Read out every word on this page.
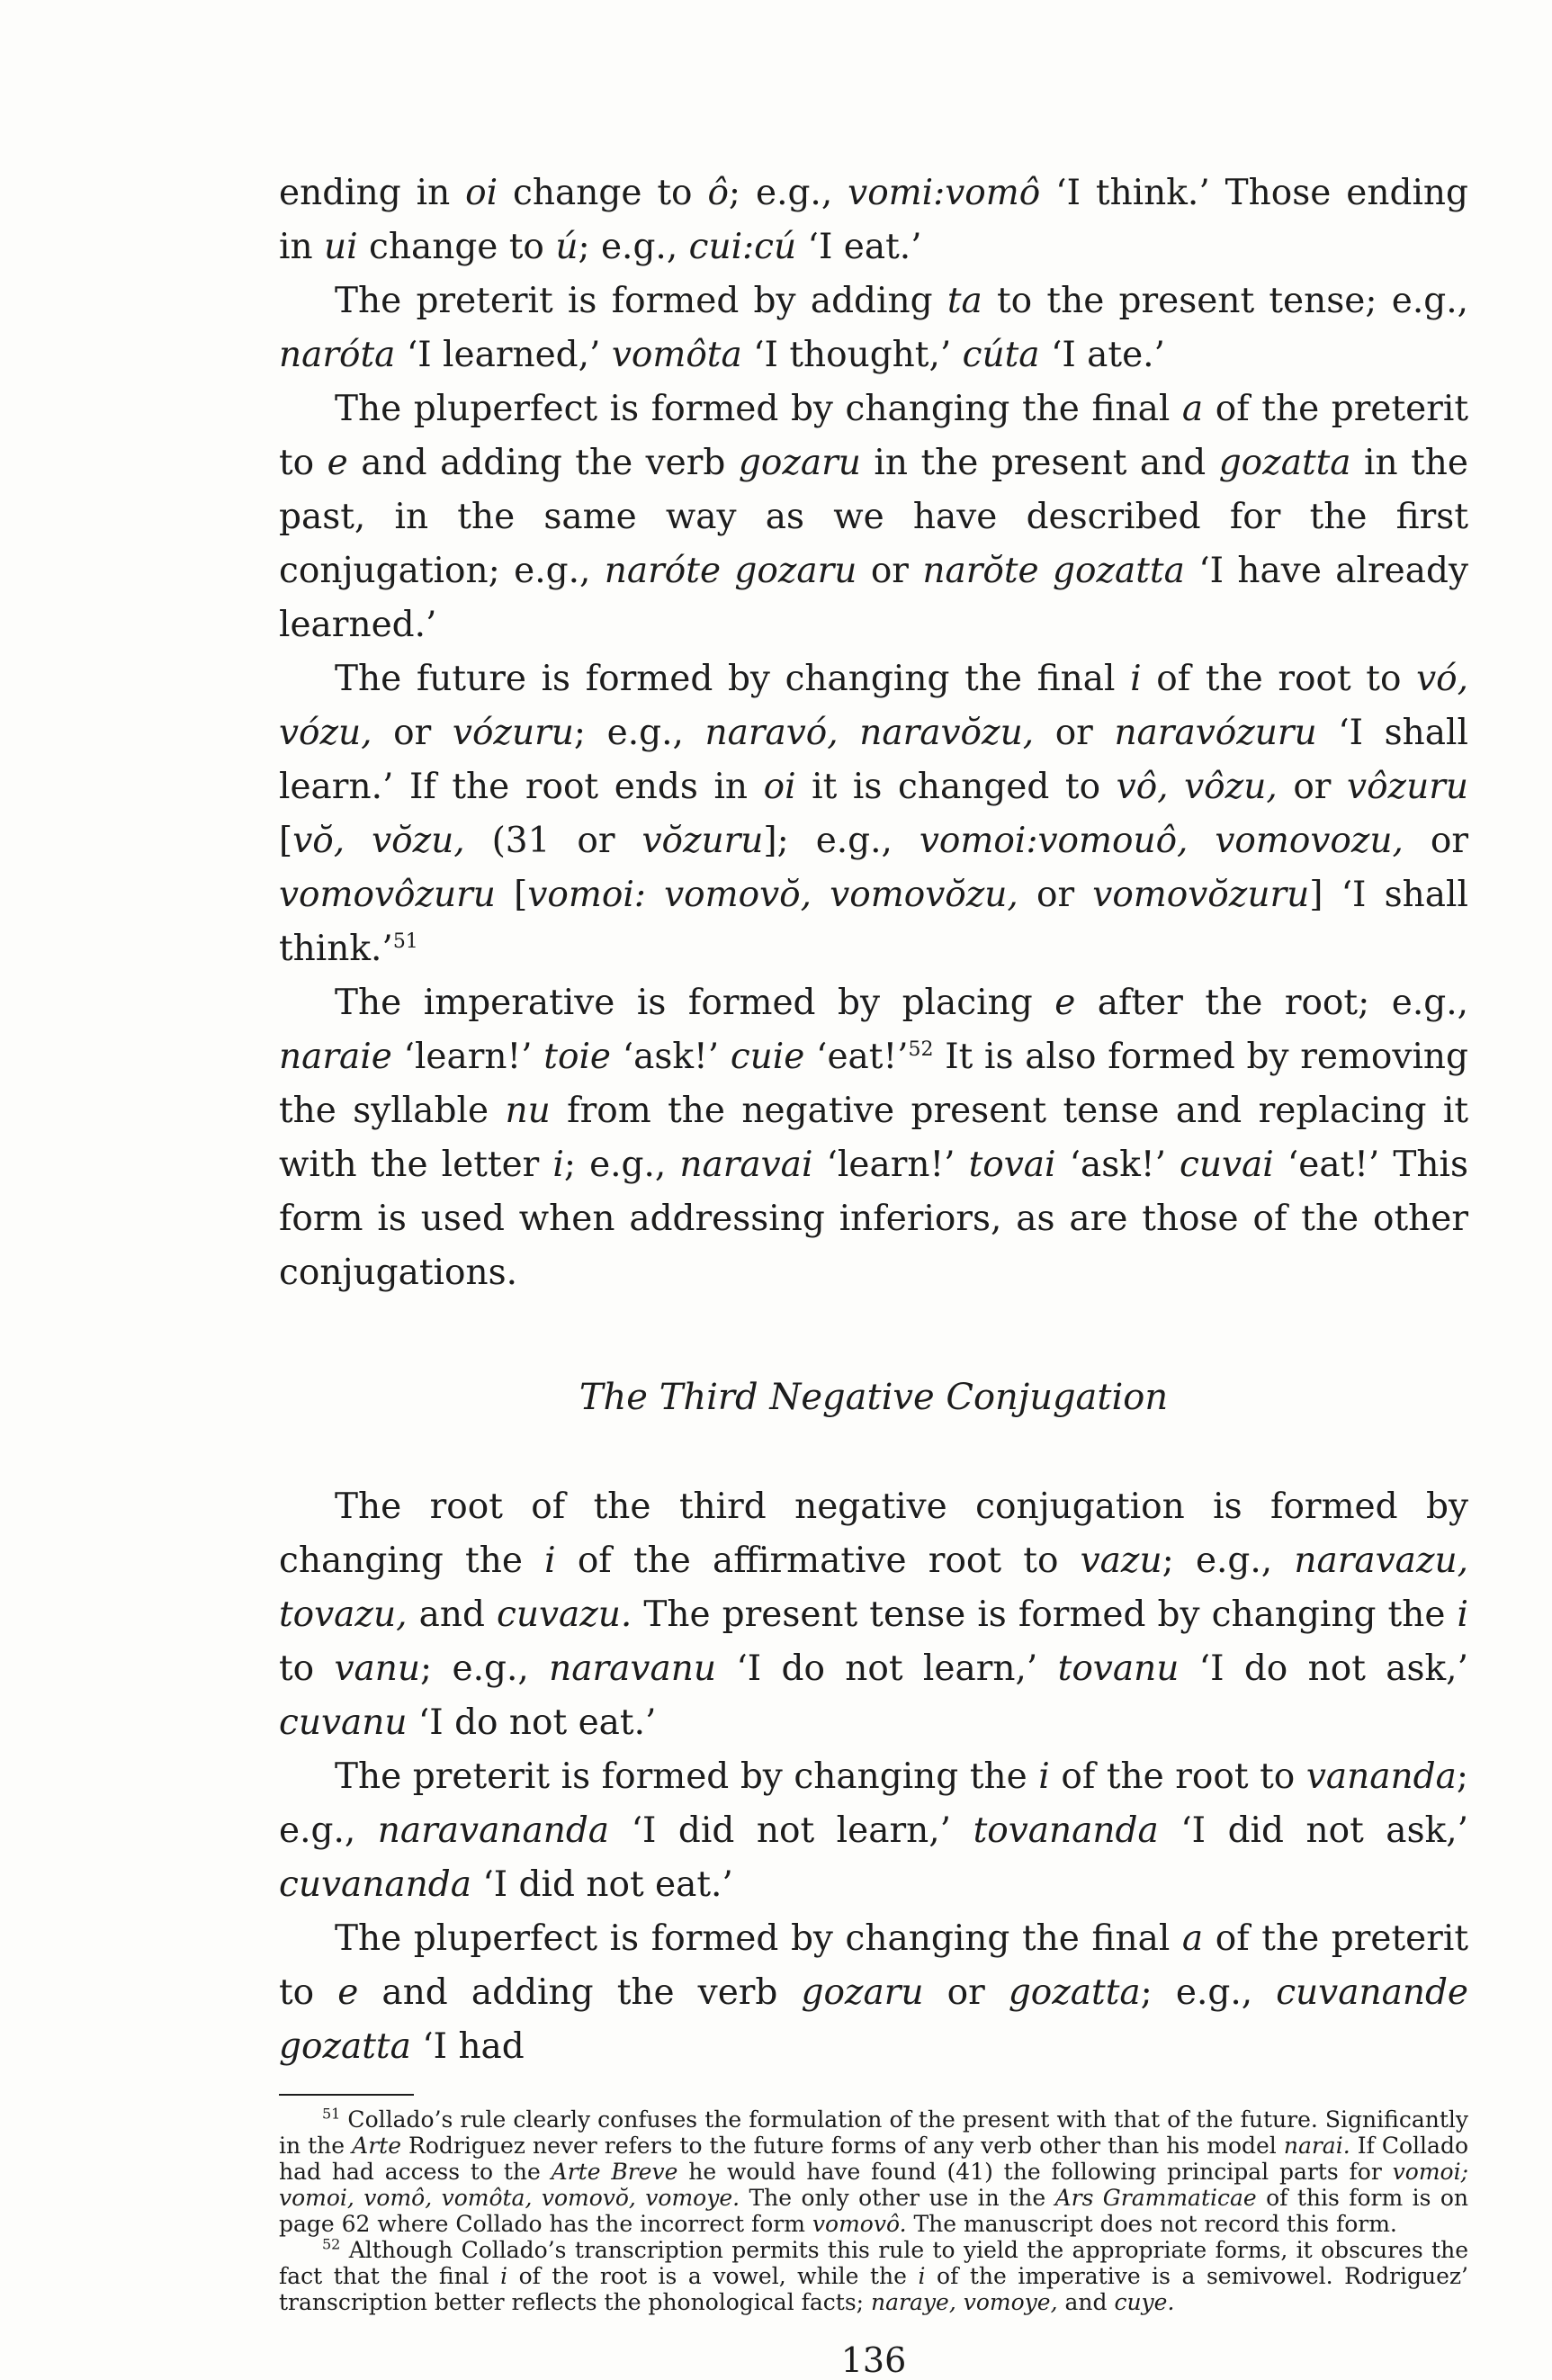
ending in oi change to ô; e.g., vomi:vomô ‘I think.’ Those ending in ui change to ú; e.g., cui:cú ‘I eat.’

The preterit is formed by adding ta to the present tense; e.g., naróta ‘I learned,’ vomôta ‘I thought,’ cúta ‘I ate.’

The pluperfect is formed by changing the final a of the preterit to e and adding the verb gozaru in the present and gozatta in the past, in the same way as we have described for the first conjugation; e.g., naróte gozaru or narŏte gozatta ‘I have already learned.’

The future is formed by changing the final i of the root to vó, vózu, or vózuru; e.g., naravó, naravŏzu, or naravózuru ‘I shall learn.’ If the root ends in oi it is changed to vô, vôzu, or vôzuru [vŏ, vŏzu, (31 or vŏzuru]; e.g., vomoi:vomouô, vomovozu, or vomovôzuru [vomoi: vomovŏ, vomovŏzu, or vomovŏzuru] ‘I shall think.’$^{51}$

The imperative is formed by placing e after the root; e.g., naraie ‘learn!’ toie ‘ask!’ cuie ‘eat!’$^{52}$ It is also formed by removing the syllable nu from the negative present tense and replacing it with the letter i; e.g., naravai ‘learn!’ tovai ‘ask!’ cuvai ‘eat!’ This form is used when addressing inferiors, as are those of the other conjugations.

The Third Negative Conjugation

The root of the third negative conjugation is formed by changing the i of the affirmative root to vazu; e.g., naravazu, tovazu, and cuvazu. The present tense is formed by changing the i to vanu; e.g., naravanu ‘I do not learn,’ tovanu ‘I do not ask,’ cuvanu ‘I do not eat.’

The preterit is formed by changing the i of the root to vananda; e.g., naravananda ‘I did not learn,’ tovananda ‘I did not ask,’ cuvananda ‘I did not eat.’

The pluperfect is formed by changing the final a of the preterit to e and adding the verb gozaru or gozatta; e.g., cuvanande gozatta ‘I had

$^{51}$ Collado’s rule clearly confuses the formulation of the present with that of the future. Significantly in the Arte Rodriguez never refers to the future forms of any verb other than his model narai. If Collado had had access to the Arte Breve he would have found (41) the following principal parts for vomoi; vomoi, vomô, vomôta, vomovŏ, vomoye. The only other use in the Ars Grammaticae of this form is on page 62 where Collado has the incorrect form vomovô. The manuscript does not record this form.

$^{52}$ Although Collado’s transcription permits this rule to yield the appropriate forms, it obscures the fact that the final i of the root is a vowel, while the i of the imperative is a semivowel. Rodriguez’ transcription better reflects the phonological facts; naraye, vomoye, and cuye.

136
